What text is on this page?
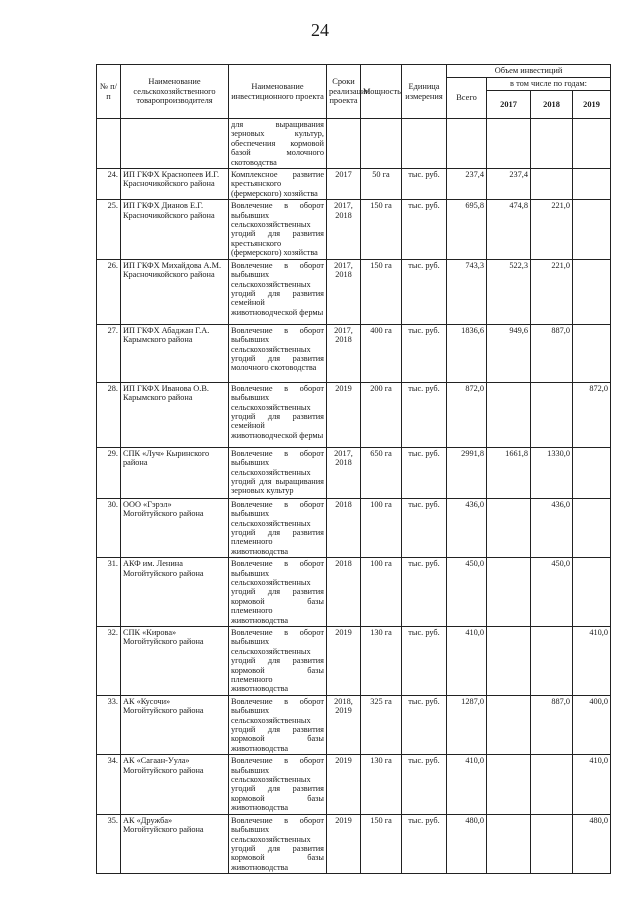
24
№ п/п	Наименование сельскохозяйственного товаропроизводителя	Наименование инвестиционного проекта	Сроки реализации проекта	Мощность	Единица измерения	Объем инвестиций			
						Всего	в том числе по годам:		
							2017	2018	2019
		для выращивания зерновых культур, обеспечения кормовой базой молочного скотоводства							
24.	ИП ГКФХ Краснопеев И.Г. Красночикойского района	Комплексное развитие крестьянского (фермерского) хозяйства	2017	50 га	тыс. руб.	237,4	237,4		
25.	ИП ГКФХ Дианов Е.Г. Красночикойского района	Вовлечение в оборот выбывших сельскохозяйственных угодий для развития крестьянского (фермерского) хозяйства	2017, 2018	150 га	тыс. руб.	695,8	474,8	221,0	
26.	ИП ГКФХ Михайдова А.М. Красночикойского района	Вовлечение в оборот выбывших сельскохозяйственных угодий для развития семейной животноводческой фермы	2017, 2018	150 га	тыс. руб.	743,3	522,3	221,0	
27.	ИП ГКФХ Абаджан Г.А. Карымского района	Вовлечение в оборот выбывших сельскохозяйственных угодий для развития молочного скотоводства	2017, 2018	400 га	тыс. руб.	1836,6	949,6	887,0	
28.	ИП ГКФХ Иванова О.В. Карымского района	Вовлечение в оборот выбывших сельскохозяйственных угодий для развития семейной животноводческой фермы	2019	200 га	тыс. руб.	872,0			872,0
29.	СПК «Луч» Кыринского района	Вовлечение в оборот выбывших сельскохозяйственных угодий для выращивания зерновых культур	2017, 2018	650 га	тыс. руб.	2991,8	1661,8	1330,0	
30.	ООО «Гэрэл» Могойтуйского района	Вовлечение в оборот выбывших сельскохозяйственных угодий для развития племенного животноводства	2018	100 га	тыс. руб.	436,0		436,0	
31.	АКФ им. Ленина Могойтуйского района	Вовлечение в оборот выбывших сельскохозяйственных угодий для развития кормовой базы племенного животноводства	2018	100 га	тыс. руб.	450,0		450,0	
32.	СПК «Кирова» Могойтуйского района	Вовлечение в оборот выбывших сельскохозяйственных угодий для развития кормовой базы племенного животноводства	2019	130 га	тыс. руб.	410,0			410,0
33.	АК «Кусочи» Могойтуйского района	Вовлечение в оборот выбывших сельскохозяйственных угодий для развития кормовой базы животноводства	2018, 2019	325 га	тыс. руб.	1287,0		887,0	400,0
34.	АК «Сагаан-Уула» Могойтуйского района	Вовлечение в оборот выбывших сельскохозяйственных угодий для развития кормовой базы животноводства	2019	130 га	тыс. руб.	410,0			410,0
35.	АК «Дружба» Могойтуйского района	Вовлечение в оборот выбывших сельскохозяйственных угодий для развития кормовой базы животноводства	2019	150 га	тыс. руб.	480,0			480,0
